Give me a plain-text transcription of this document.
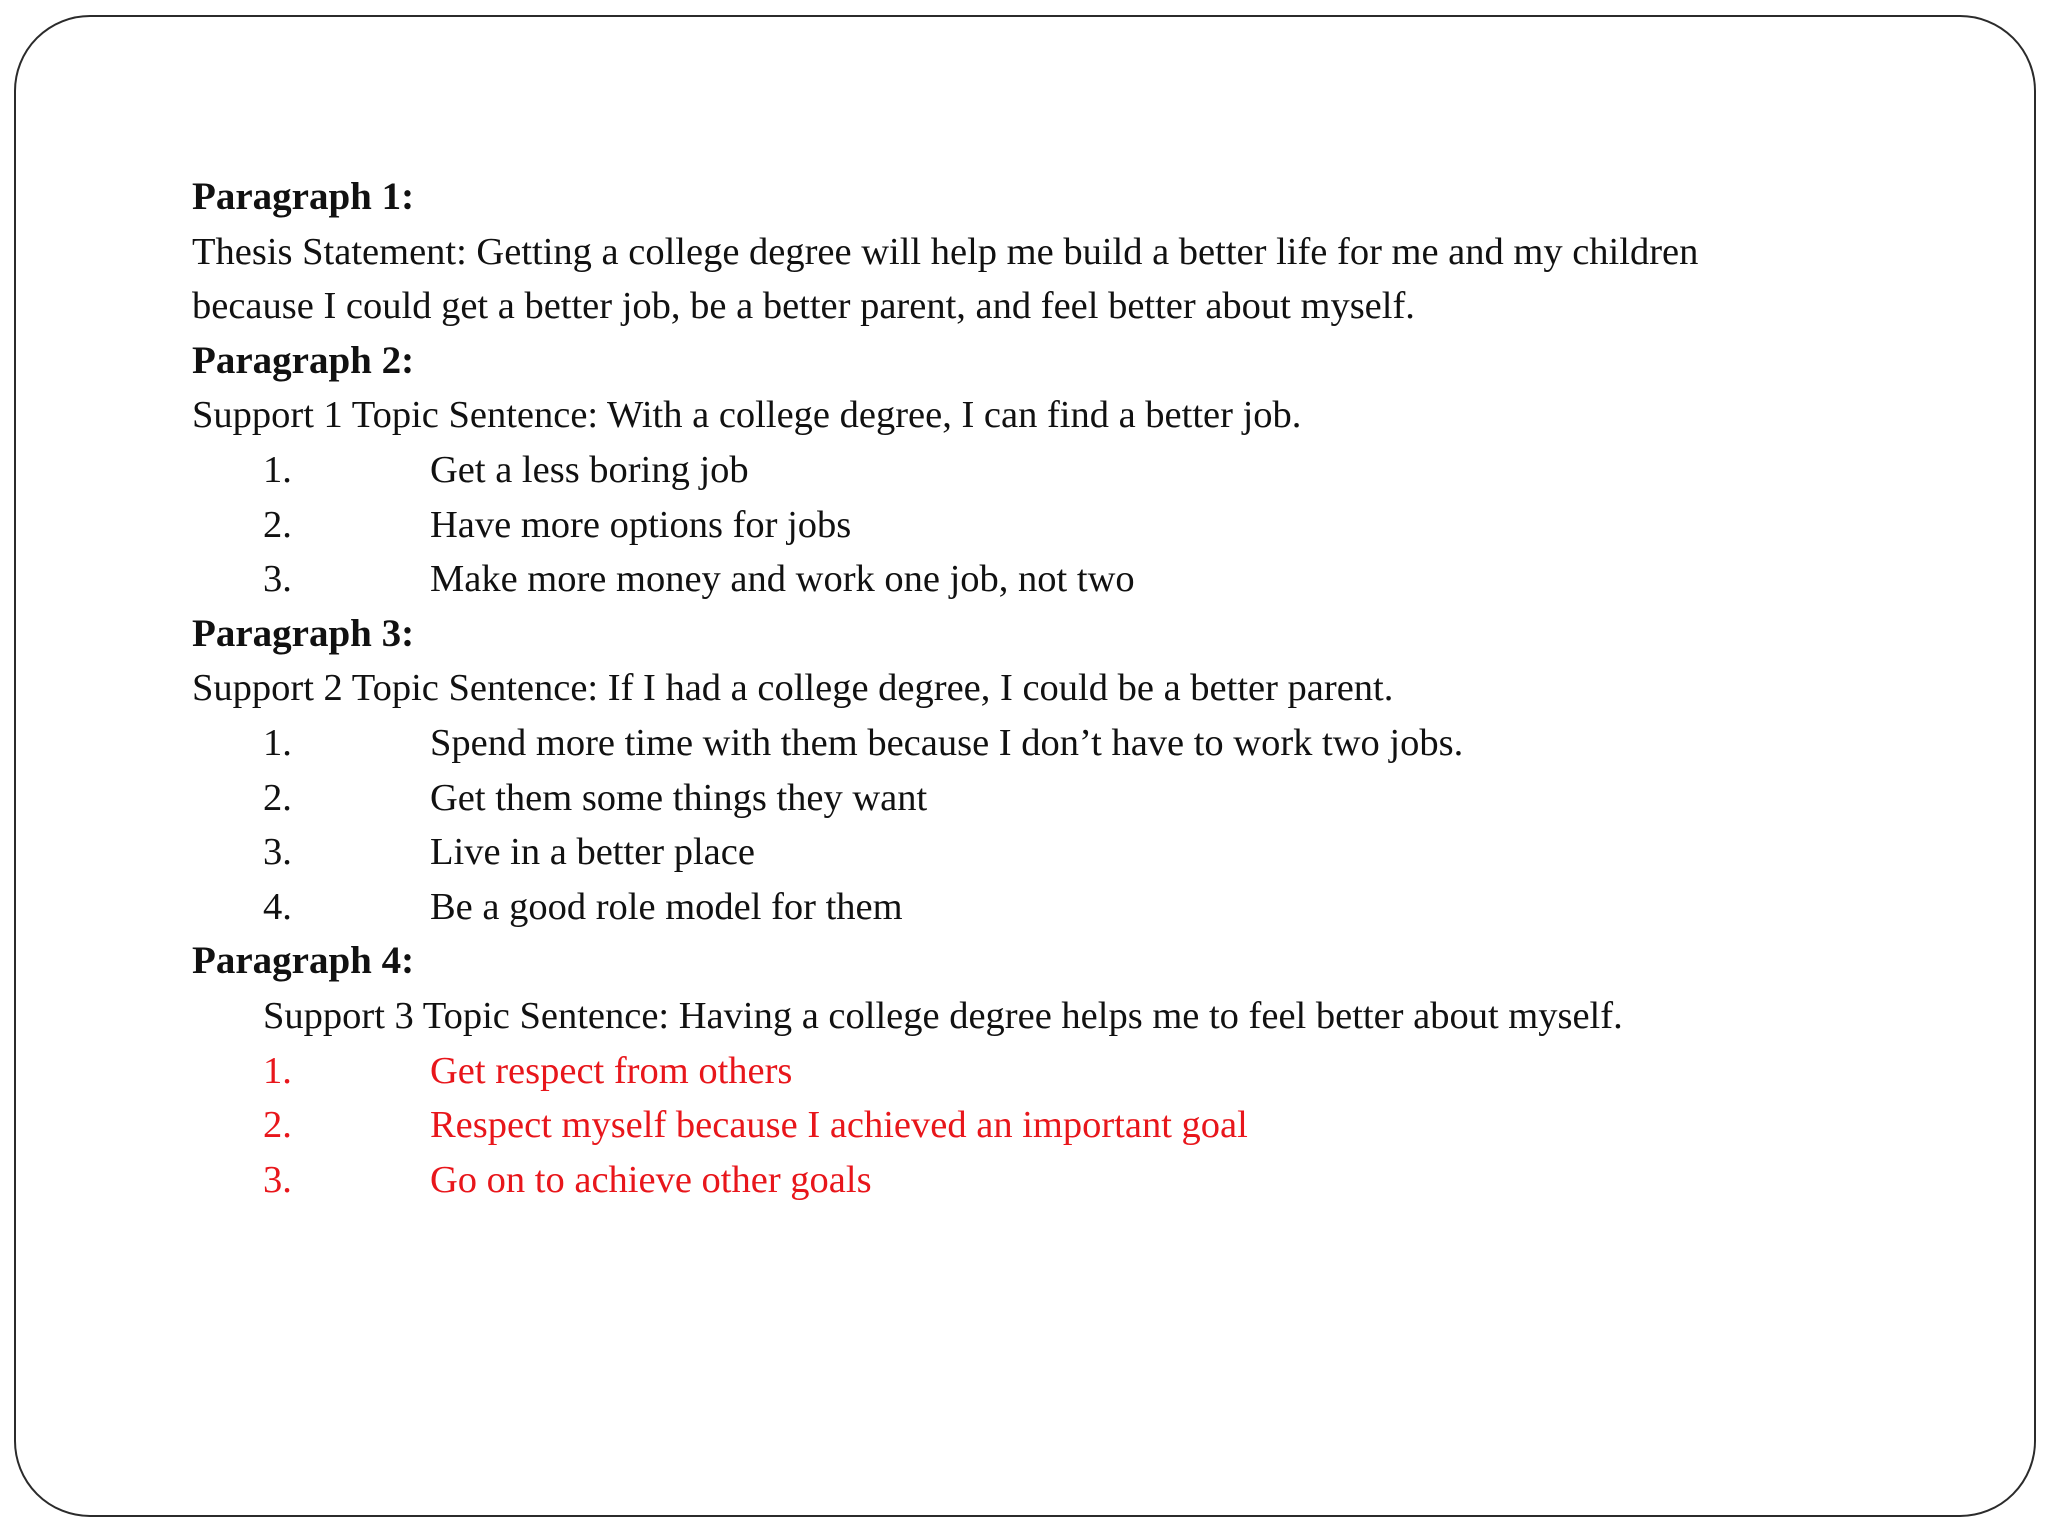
Paragraph 1:
Thesis Statement: Getting a college degree will help me build a better life for me and my children
because I could get a better job, be a better parent, and feel better about myself.
Paragraph 2:
Support 1 Topic Sentence: With a college degree, I can find a better job.
1.	Get a less boring job
2.	Have more options for jobs
3.	Make more money and work one job, not two
Paragraph 3:
Support 2 Topic Sentence: If I had a college degree, I could be a better parent.
1.	Spend more time with them because I don’t have to work two jobs.
2.	Get them some things they want
3.	Live in a better place
4.	Be a good role model for them
Paragraph 4:
Support 3 Topic Sentence: Having a college degree helps me to feel better about myself.
1.	Get respect from others
2.	Respect myself because I achieved an important goal
3.	Go on to achieve other goals
